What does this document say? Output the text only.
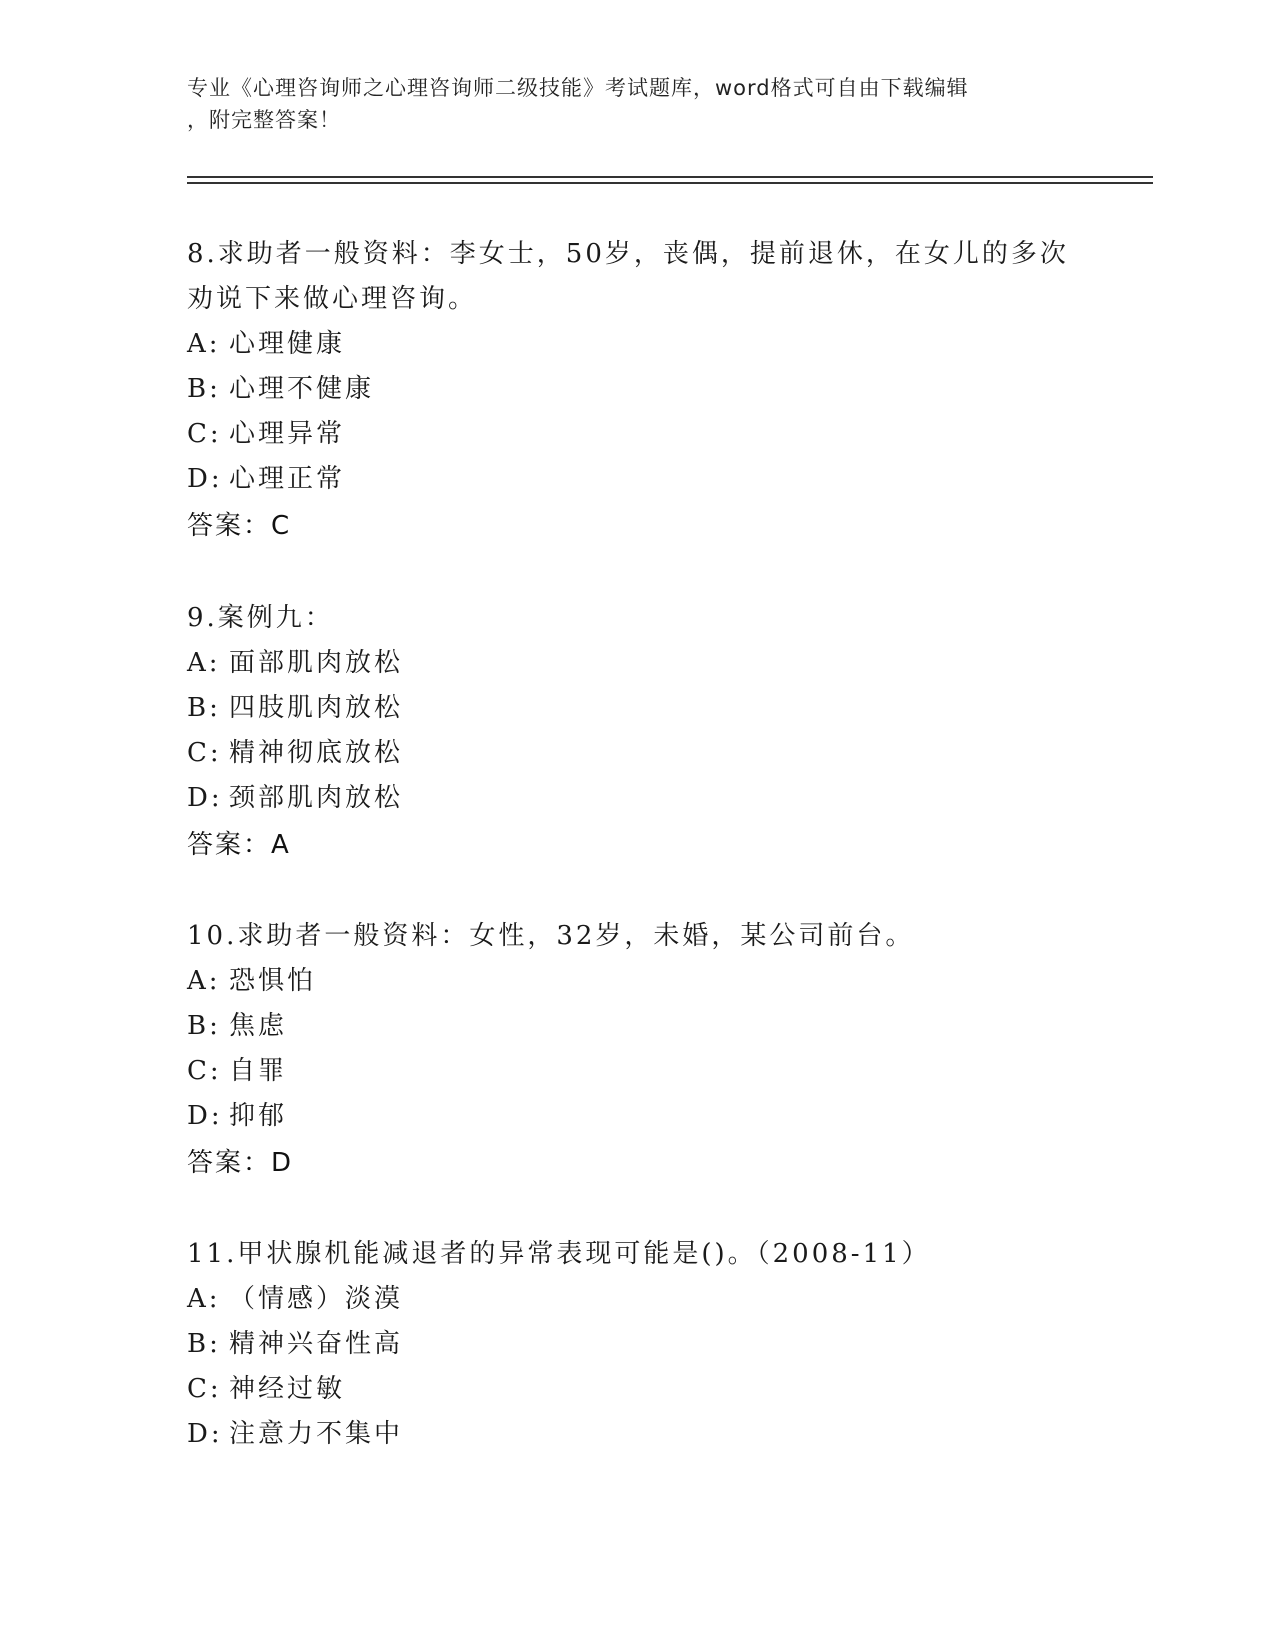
专业《心理咨询师之心理咨询师二级技能》考试题库，word格式可自由下载编辑
，附完整答案！
8.求助者一般资料：李女士，50岁，丧偶，提前退休，在女儿的多次
劝说下来做心理咨询。
A: 心理健康
B: 心理不健康
C: 心理异常
D: 心理正常
答案：C
9.案例九：
A: 面部肌肉放松
B: 四肢肌肉放松
C: 精神彻底放松
D: 颈部肌肉放松
答案：A
10.求助者一般资料：女性，32岁，未婚，某公司前台。
A: 恐惧怕
B: 焦虑
C: 自罪
D: 抑郁
答案：D
11.甲状腺机能减退者的异常表现可能是()。（2008-11）
A: （情感）淡漠
B: 精神兴奋性高
C: 神经过敏
D: 注意力不集中
